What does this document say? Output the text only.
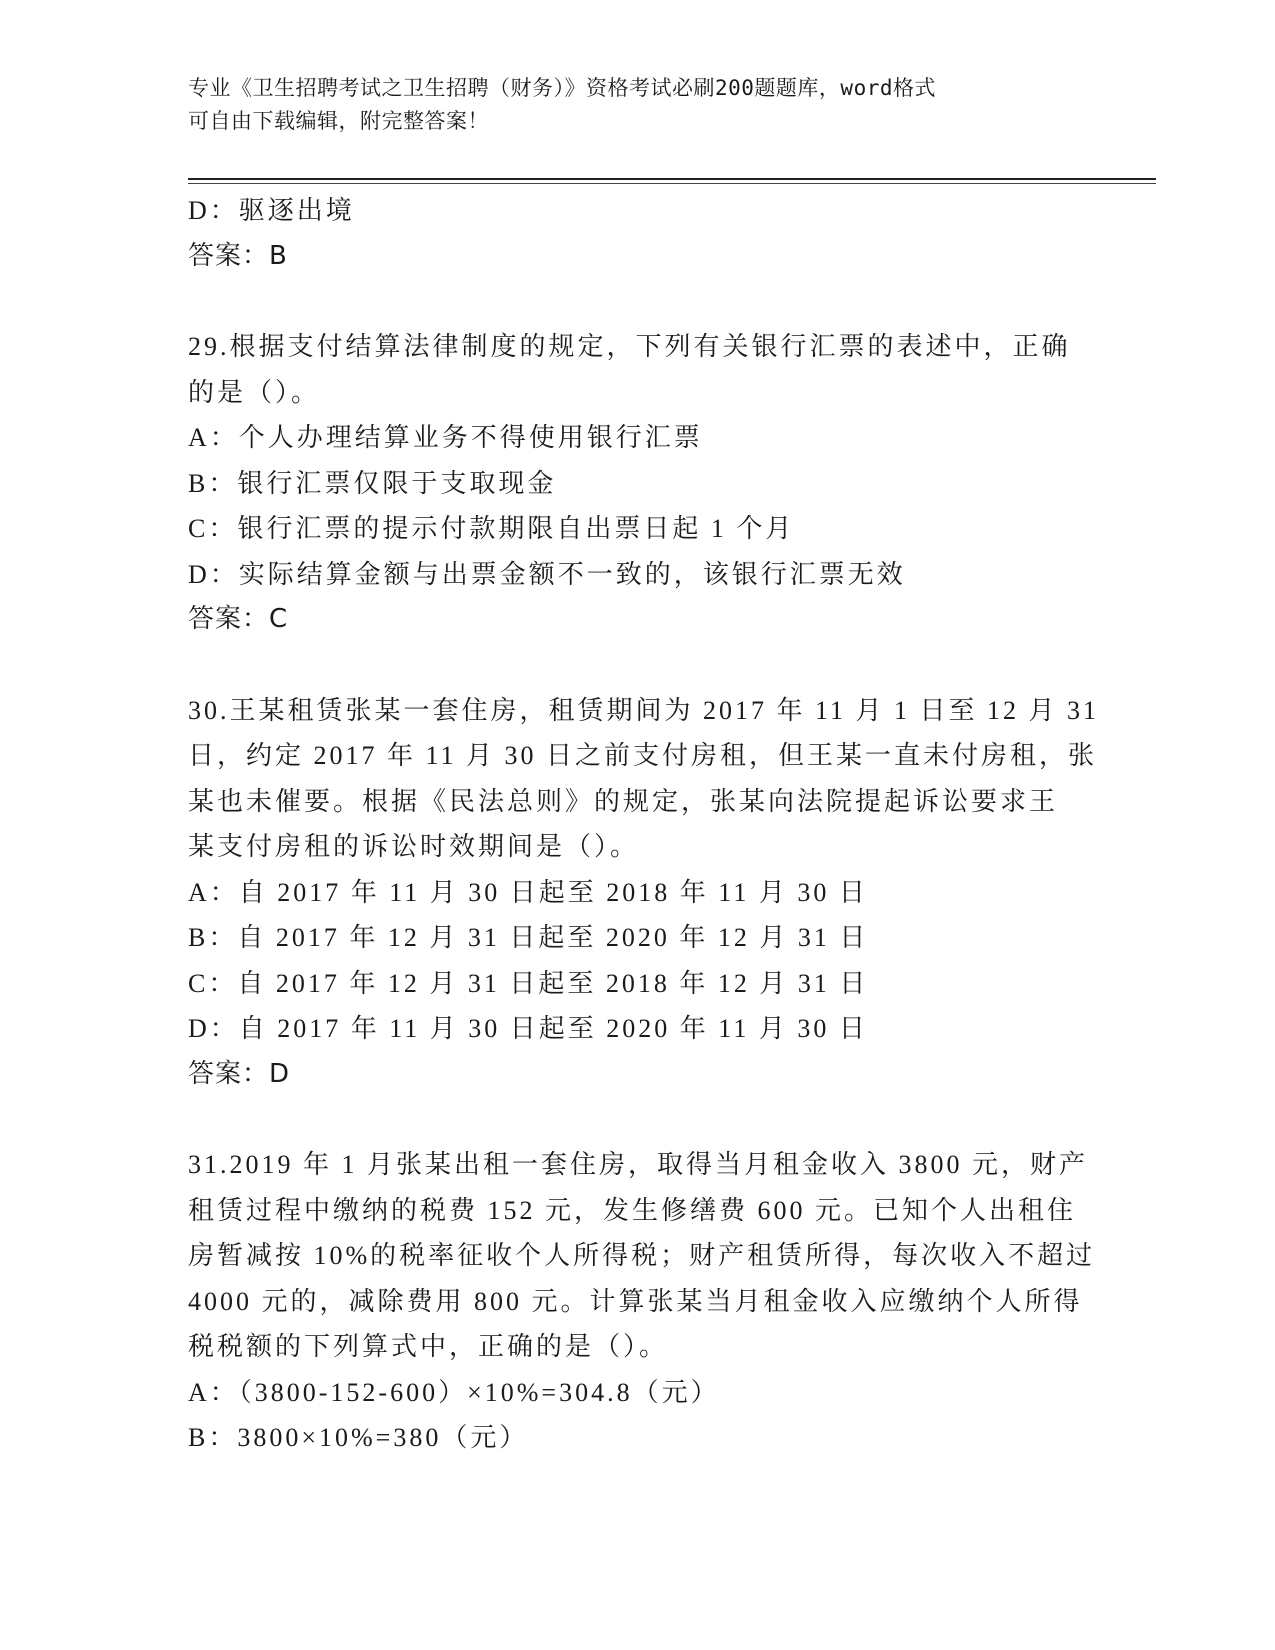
专业《卫生招聘考试之卫生招聘（财务）》资格考试必刷200题题库，word格式
可自由下载编辑，附完整答案！
D：驱逐出境
答案：B
29.根据支付结算法律制度的规定，下列有关银行汇票的表述中，正确
的是（）。
A：个人办理结算业务不得使用银行汇票
B：银行汇票仅限于支取现金
C：银行汇票的提示付款期限自出票日起 1 个月
D：实际结算金额与出票金额不一致的，该银行汇票无效
答案：C
30.王某租赁张某一套住房，租赁期间为 2017 年 11 月 1 日至 12 月 31
日，约定 2017 年 11 月 30 日之前支付房租，但王某一直未付房租，张
某也未催要。根据《民法总则》的规定，张某向法院提起诉讼要求王
某支付房租的诉讼时效期间是（）。
A：自 2017 年 11 月 30 日起至 2018 年 11 月 30 日
B：自 2017 年 12 月 31 日起至 2020 年 12 月 31 日
C：自 2017 年 12 月 31 日起至 2018 年 12 月 31 日
D：自 2017 年 11 月 30 日起至 2020 年 11 月 30 日
答案：D
31.2019 年 1 月张某出租一套住房，取得当月租金收入 3800 元，财产
租赁过程中缴纳的税费 152 元，发生修缮费 600 元。已知个人出租住
房暂减按 10%的税率征收个人所得税；财产租赁所得，每次收入不超过
4000 元的，减除费用 800 元。计算张某当月租金收入应缴纳个人所得
税税额的下列算式中，正确的是（）。
A：（3800-152-600）×10%=304.8（元）
B：3800×10%=380（元）
